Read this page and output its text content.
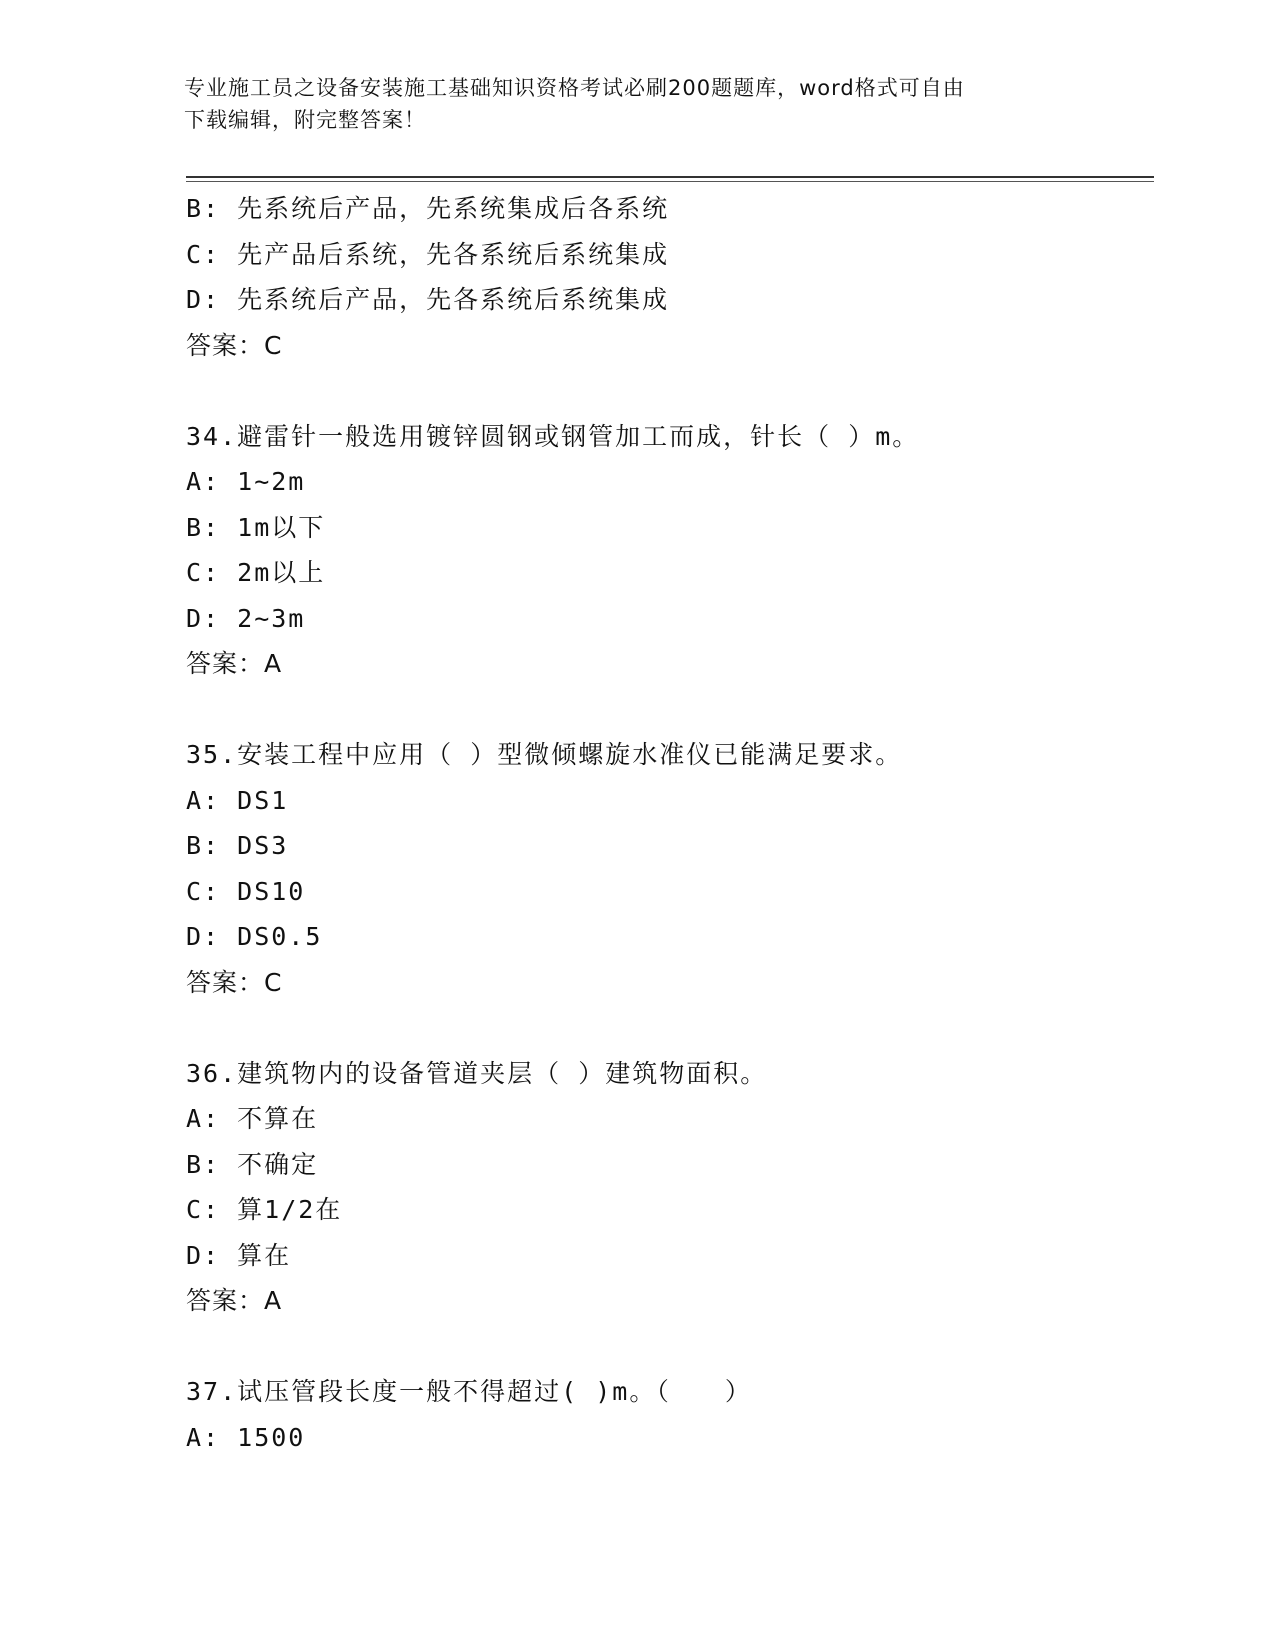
专业施工员之设备安装施工基础知识资格考试必刷200题题库，word格式可自由
下载编辑，附完整答案！
B: 先系统后产品，先系统集成后各系统
C: 先产品后系统，先各系统后系统集成
D: 先系统后产品，先各系统后系统集成
答案：C
34.避雷针一般选用镀锌圆钢或钢管加工而成，针长（ ）m。
A: 1~2m
B: 1m以下
C: 2m以上
D: 2~3m
答案：A
35.安装工程中应用（ ）型微倾螺旋水准仪已能满足要求。
A: DS1
B: DS3
C: DS10
D: DS0.5
答案：C
36.建筑物内的设备管道夹层（ ）建筑物面积。
A: 不算在
B: 不确定
C: 算1/2在
D: 算在
答案：A
37.试压管段长度一般不得超过( )m。（　　）
A: 1500
